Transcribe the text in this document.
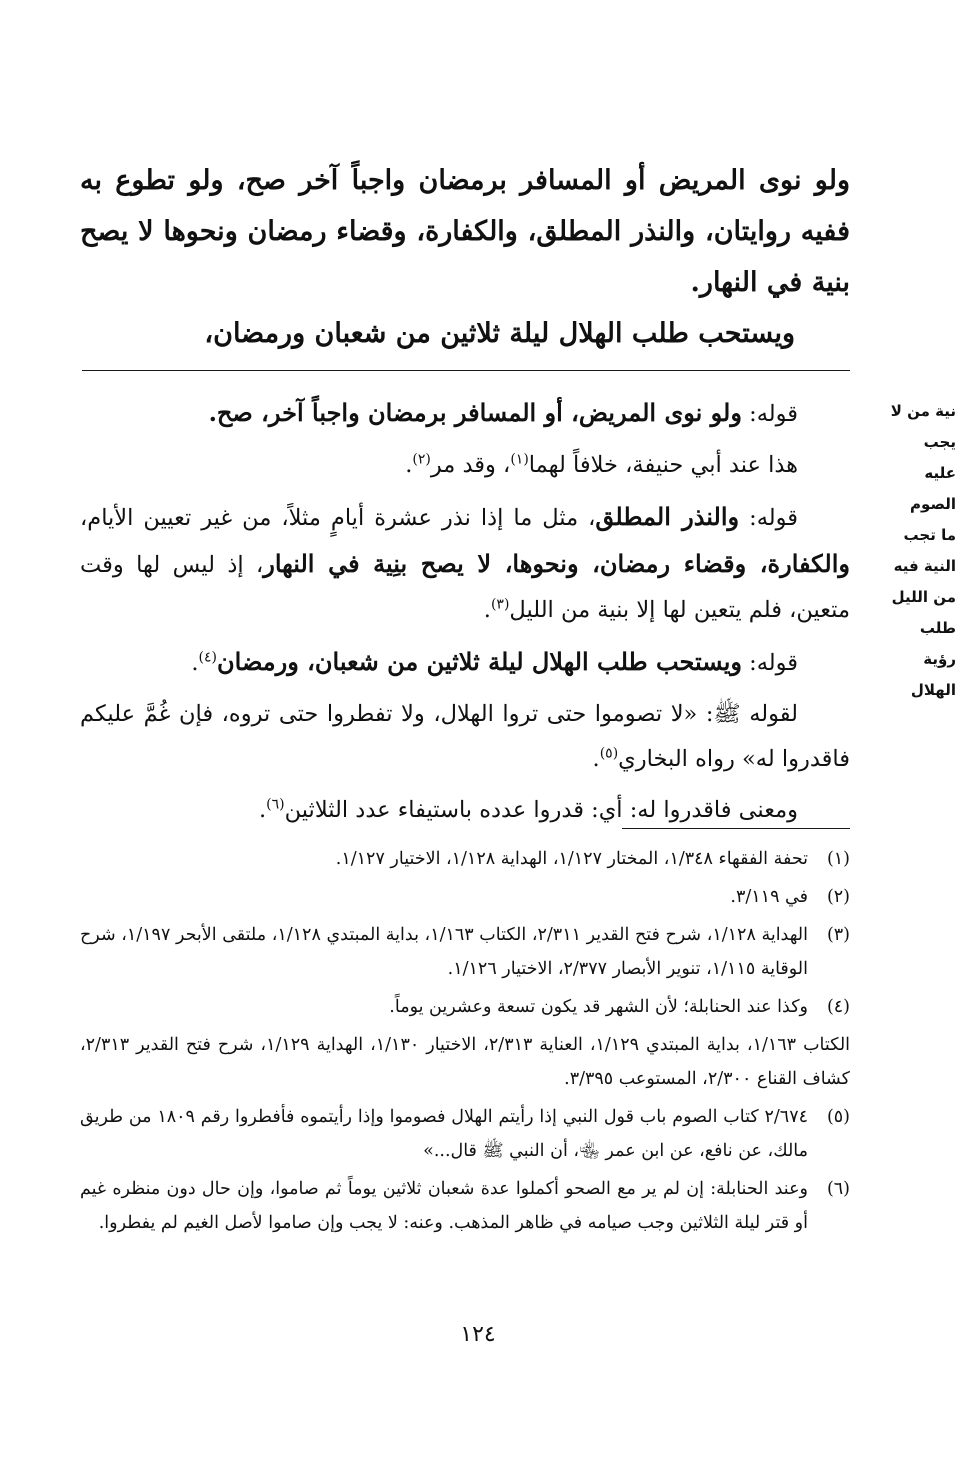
ولو نوى المريض أو المسافر برمضان واجباً آخر صح، ولو تطوع به ففيه روايتان، والنذر المطلق، والكفارة، وقضاء رمضان ونحوها لا يصح بنية في النهار.

ويستحب طلب الهلال ليلة ثلاثين من شعبان ورمضان،

قوله: ولو نوى المريض، أو المسافر برمضان واجباً آخر، صح.

هذا عند أبي حنيفة، خلافاً لهما$^{(١)}$، وقد مر$^{(٢)}$.

قوله: والنذر المطلق، مثل ما إذا نذر عشرة أيامٍ مثلاً، من غير تعيين الأيام، والكفارة، وقضاء رمضان، ونحوها، لا يصح بنِية في النهار، إذ ليس لها وقت متعين، فلم يتعين لها إلا بنية من الليل$^{(٣)}$.

قوله: ويستحب طلب الهلال ليلة ثلاثين من شعبان، ورمضان$^{(٤)}$.

لقوله ﷺ: «لا تصوموا حتى تروا الهلال، ولا تفطروا حتى تروه، فإن غُمَّ عليكم فاقدروا له» رواه البخاري$^{(٥)}$.

ومعنى فاقدروا له: أي: قدروا عدده باستيفاء عدد الثلاثين$^{(٦)}$.

نية من لا
يجب
عليه
الصوم
ما تجب
النية فيه
من الليل
طلب
رؤية
الهلال
(١)
تحفة الفقهاء ١/٣٤٨، المختار ١/١٢٧، الهداية ١/١٢٨، الاختيار ١/١٢٧.
(٢)
في ٣/١١٩.
(٣)
الهداية ١/١٢٨، شرح فتح القدير ٢/٣١١، الكتاب ١/١٦٣، بداية المبتدي ١/١٢٨، ملتقى الأبحر ١/١٩٧، شرح الوقاية ١/١١٥، تنوير الأبصار ٢/٣٧٧، الاختيار ١/١٢٦.
(٤)
وكذا عند الحنابلة؛ لأن الشهر قد يكون تسعة وعشرين يوماً.
الكتاب ١/١٦٣، بداية المبتدي ١/١٢٩، العناية ٢/٣١٣، الاختيار ١/١٣٠، الهداية ١/١٢٩، شرح فتح القدير ٢/٣١٣، كشاف القناع ٢/٣٠٠، المستوعب ٣/٣٩٥.
(٥)
٢/٦٧٤ كتاب الصوم باب قول النبي إذا رأيتم الهلال فصوموا وإذا رأيتموه فأفطروا رقم ١٨٠٩ من طريق مالك، عن نافع، عن ابن عمر ﵄، أن النبي ﷺ قال...»
(٦)
وعند الحنابلة: إن لم ير مع الصحو أكملوا عدة شعبان ثلاثين يوماً ثم صاموا، وإن حال دون منظره غيم أو قتر ليلة الثلاثين وجب صيامه في ظاهر المذهب. وعنه: لا يجب وإن صاموا لأصل الغيم لم يفطروا.
١٢٤
